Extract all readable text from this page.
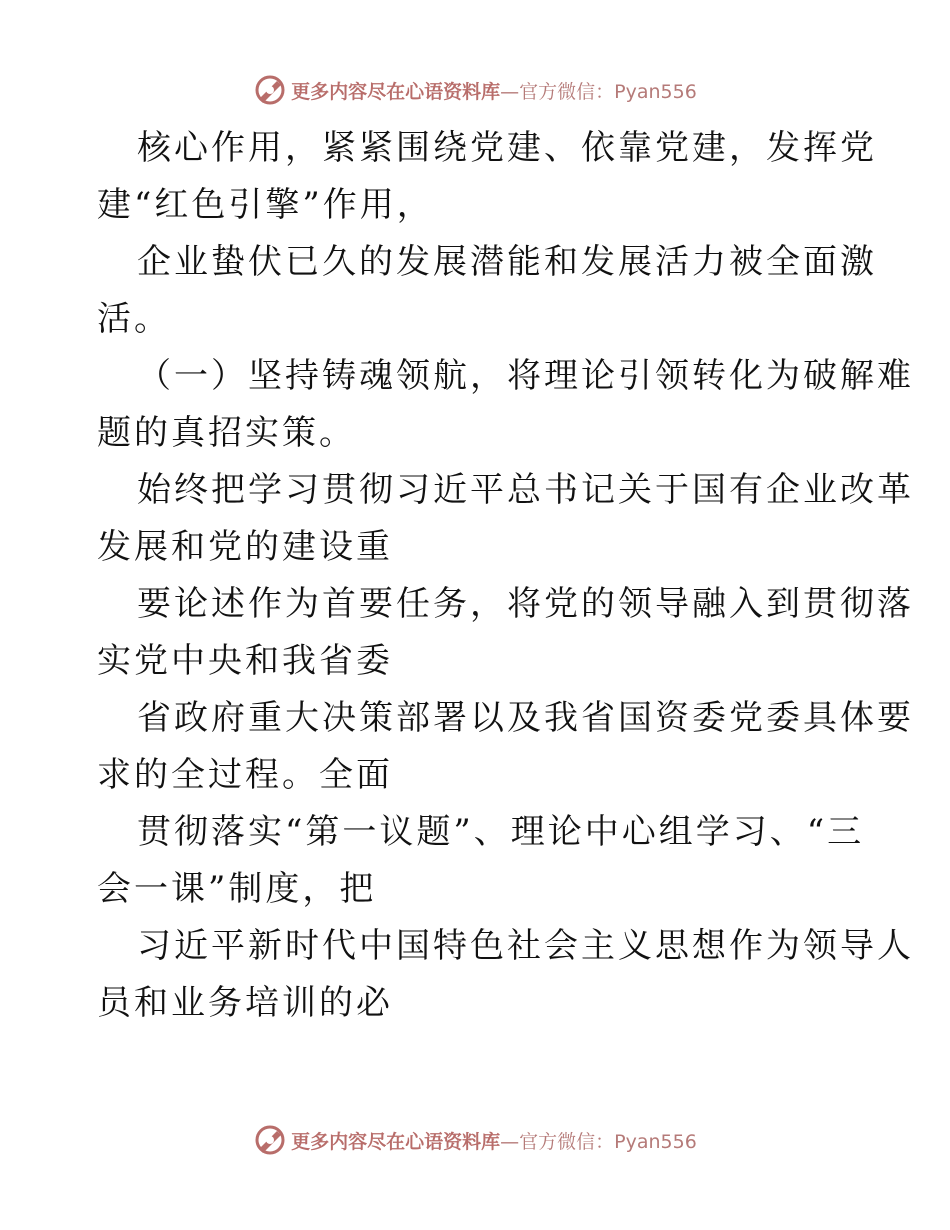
更多内容尽在心语资料库 —官方微信：Pyan556

核心作用，紧紧围绕党建、依靠党建，发挥党
建“红色引擎”作用，

企业蛰伏已久的发展潜能和发展活力被全面激
活。

（一）坚持铸魂领航，将理论引领转化为破解难
题的真招实策。

始终把学习贯彻习近平总书记关于国有企业改革
发展和党的建设重

要论述作为首要任务，将党的领导融入到贯彻落
实党中央和我省委

省政府重大决策部署以及我省国资委党委具体要
求的全过程。全面

贯彻落实“第一议题”、理论中心组学习、“三
会一课”制度，把

习近平新时代中国特色社会主义思想作为领导人
员和业务培训的必

更多内容尽在心语资料库 —官方微信：Pyan556
